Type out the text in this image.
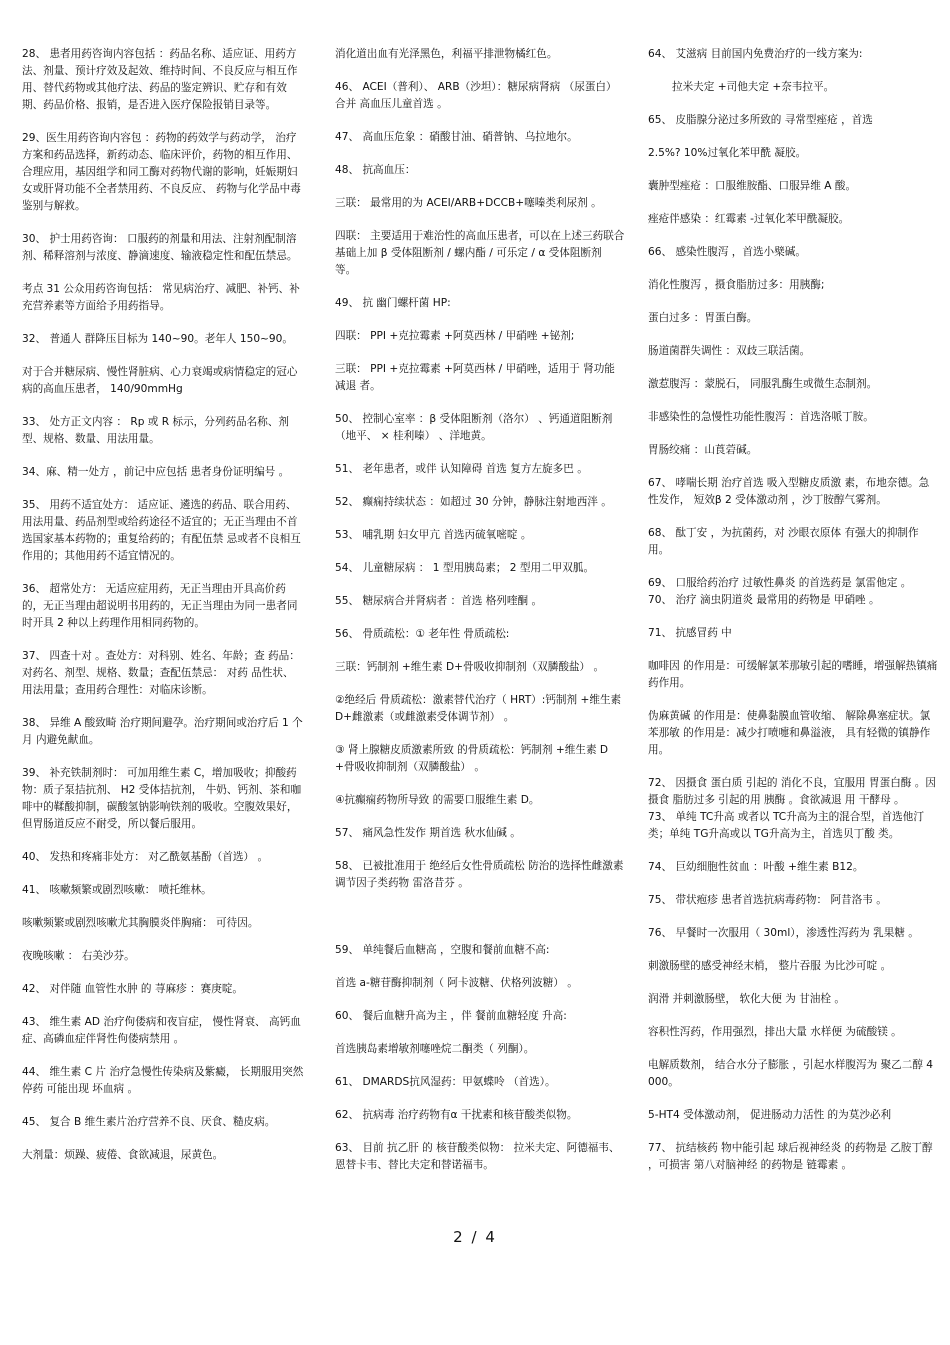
28、 患者用药咨询内容包括 ：药品名称、适应证、用药方法、剂量、预计疗效及起效、维持时间、不良反应与相互作用、替代药物或其他疗法、药品的鉴定辨识、贮存和有效期、药品价格、报销，是否进入医疗保险报销目录等。

29、医生用药咨询内容包 ：药物的药效学与药动学， 治疗方案和药品选择，新药动态、临床评价，药物的相互作用、合理应用，基因组学和同工酶对药物代谢的影响，妊娠期妇女或肝肾功能不全者禁用药、不良反应、 药物与化学品中毒鉴别与解救。

30、 护士用药咨询： 口服药的剂量和用法、注射剂配制溶剂、稀释溶剂与浓度、静滴速度、输液稳定性和配伍禁忌。

考点 31 公众用药咨询包括： 常见病治疗、减肥、补钙、补充营养素等方面给予用药指导。

32、 普通人 群降压目标为 140~90。老年人 150~90。

对于合并糖尿病、慢性肾脏病、心力衰竭或病情稳定的冠心病的高血压患者， 140/90mmHg

33、 处方正文内容 ： Rp 或 R 标示，分列药品名称、剂型、规格、数量、用法用量。

34、麻、精一处方 ，前记中应包括 患者身份证明编号 。

35、 用药不适宜处方： 适应证、遴选的药品、联合用药、用法用量、药品剂型或给药途径不适宜的；无正当理由不首选国家基本药物的；重复给药的；有配伍禁 忌或者不良相互作用的；其他用药不适宜情况的。

36、 超常处方： 无适应症用药，无正当理由开具高价药的，无正当理由超说明书用药的，无正当理由为同一患者同时开具 2 种以上药理作用相同药物的。

37、 四查十对 。查处方：对科别、姓名、年龄；查 药品：对药名、剂型、规格、数量；查配伍禁忌： 对药 品性状、用法用量；查用药合理性：对临床诊断。

38、 异维 A 酸致畸 治疗期间避孕。治疗期间或治疗后 1 个月 内避免献血。

39、 补充铁制剂时： 可加用维生素 C，增加吸收；抑酸药物：质子泵拮抗剂、 H2 受体拮抗剂， 牛奶、钙剂、茶和咖啡中的鞣酸抑制，碳酸氢钠影响铁剂的吸收。空腹效果好，但胃肠道反应不耐受，所以餐后服用。

40、 发热和疼痛非处方： 对乙酰氨基酚（首选） 。

41、 咳嗽频繁或剧烈咳嗽： 喷托维林。

咳嗽频繁或剧烈咳嗽尤其胸膜炎伴胸痛： 可待因。

夜晚咳嗽 ： 右美沙芬。

42、 对伴随 血管性水肿 的 荨麻疹 ：赛庚啶。

43、 维生素 AD 治疗佝偻病和夜盲症， 慢性肾衰、 高钙血症、高磷血症伴肾性佝偻病禁用 。

44、 维生素 C 片 治疗急慢性传染病及紫癜， 长期服用突然停药 可能出现 坏血病 。

45、 复合 B 维生素片治疗营养不良、厌食、糙皮病。

大剂量：烦躁、疲倦、食欲减退，尿黄色。

消化道出血有光泽黑色，利福平排泄物橘红色。

46、 ACEI（普利）、 ARB（沙坦）：糖尿病肾病 （尿蛋白）合并 高血压儿童首选 。

47、 高血压危象 ：硝酸甘油、硝普钠、乌拉地尔。

48、 抗高血压：

三联： 最常用的为 ACEI/ARB+DCCB+噻嗪类利尿剂 。

四联： 主要适用于难治性的高血压患者，可以在上述三药联合基础上加 β 受体阻断剂 / 螺内酯 / 可乐定 / α 受体阻断剂 等。

49、 抗 幽门螺杆菌 HP:

四联： PPI +克拉霉素 +阿莫西林 / 甲硝唑 +铋剂;

三联： PPI +克拉霉素 +阿莫西林 / 甲硝唑，适用于 肾功能减退 者。

50、 控制心室率 ：β 受体阻断剂（洛尔） 、钙通道阻断剂（地平、 × 桂利嗪） 、洋地黄。

51、 老年患者，或伴 认知障碍 首选 复方左旋多巴 。

52、 癫痫持续状态 ：如超过 30 分钟，静脉注射地西泮 。

53、 哺乳期 妇女甲亢 首选丙硫氧嘧啶 。

54、 儿童糖尿病 ： 1 型用胰岛素； 2 型用二甲双胍。

55、 糖尿病合并肾病者 ：首选 格列喹酮 。

56、 骨质疏松：① 老年性 骨质疏松:

三联：钙制剂 +维生素 D+骨吸收抑制剂（双膦酸盐） 。

②绝经后 骨质疏松：激素替代治疗（ HRT）:钙制剂 +维生素 D+雌激素（或雌激素受体调节剂） 。

③ 肾上腺糖皮质激素所致 的骨质疏松：钙制剂 +维生素 D+骨吸收抑制剂（双膦酸盐） 。

④抗癫痫药物所导致 的需要口服维生素 D。

57、 痛风急性发作 期首选 秋水仙碱 。

58、 已被批准用于 绝经后女性骨质疏松 防治的选择性雌激素调节因子类药物 雷洛昔芬 。

59、 单纯餐后血糖高 ，空腹和餐前血糖不高:

首选 a-糖苷酶抑制剂（ 阿卡波糖、伏格列波糖） 。

60、 餐后血糖升高为主 ，伴 餐前血糖轻度 升高:

首选胰岛素增敏剂噻唑烷二酮类（ 列酮）。

61、 DMARDS抗风湿药：甲氨蝶呤 （首选）。

62、 抗病毒 治疗药物有α 干扰素和核苷酸类似物。

63、 目前 抗乙肝 的 核苷酸类似物： 拉米夫定、阿德福韦、恩替卡韦、替比夫定和替诺福韦。

64、 艾滋病 目前国内免费治疗的一线方案为:

拉米夫定 +司他夫定 +奈韦拉平。

65、 皮脂腺分泌过多所致的 寻常型痤疮 ，首选

2.5%? 10%过氧化苯甲酰 凝胶。

囊肿型痤疮 ：口服维胺酯、口服异维 A 酸。

痤疮伴感染 ：红霉素 -过氧化苯甲酰凝胶。

66、 感染性腹泻 ，首选小檗碱。

消化性腹泻 ，摄食脂肪过多：用胰酶;

蛋白过多 ：胃蛋白酶。

肠道菌群失调性 ：双歧三联活菌。

激惹腹泻 ：蒙脱石， 同服乳酶生或微生态制剂。

非感染性的急慢性功能性腹泻 ：首选洛哌丁胺。

胃肠绞痛 ：山莨菪碱。

67、 哮喘长期 治疗首选 吸入型糖皮质激 素，布地奈德。急性发作， 短效β 2 受体激动剂 ，沙丁胺醇气雾剂。

68、 酞丁安 ，为抗菌药，对 沙眼衣原体 有强大的抑制作用。

69、 口服给药治疗 过敏性鼻炎 的首选药是 氯雷他定 。
70、 治疗 滴虫阴道炎 最常用的药物是 甲硝唑 。

71、 抗感冒药 中

咖啡因 的作用是：可缓解氯苯那敏引起的嗜睡，增强解热镇痛药作用。

伪麻黄碱 的作用是：使鼻黏膜血管收缩、 解除鼻塞症状。氯苯那敏 的作用是：减少打喷嚏和鼻溢液， 具有轻微的镇静作用。

72、 因摄食 蛋白质 引起的 消化不良，宜服用 胃蛋白酶 。因摄食 脂肪过多 引起的用 胰酶 。食欲减退 用 干酵母 。
73、 单纯 TC升高 或者以 TC升高为主的混合型，首选他汀类；单纯 TG升高或以 TG升高为主，首选贝丁酸 类。

74、 巨幼细胞性贫血 ：叶酸 +维生素 B12。

75、 带状疱疹 患者首选抗病毒药物： 阿昔洛韦 。

76、 早餐时一次服用（ 30ml），渗透性泻药为 乳果糖 。

刺激肠壁的感受神经末梢， 整片吞服 为比沙可啶 。

润滑 并刺激肠壁， 软化大便 为 甘油栓 。

容积性泻药，作用强烈，排出大量 水样便 为硫酸镁 。

电解质数剂， 结合水分子膨胀 ，引起水样腹泻为 聚乙二醇 4000。

5-HT4 受体激动剂， 促进肠动力活性 的为莫沙必利

77、 抗结核药 物中能引起 球后视神经炎 的药物是 乙胺丁醇 ，可损害 第八对脑神经 的药物是 链霉素 。

2 / 4
